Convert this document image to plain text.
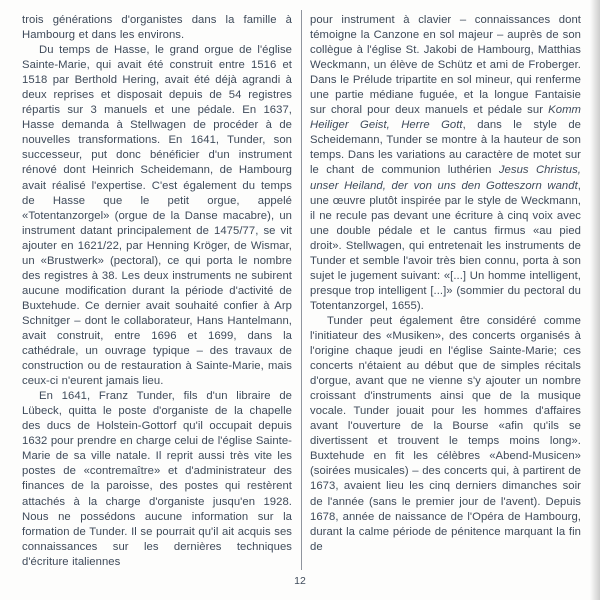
trois générations d'organistes dans la famille à Hambourg et dans les environs.

Du temps de Hasse, le grand orgue de l'église Sainte-Marie, qui avait été construit entre 1516 et 1518 par Berthold Hering, avait été déjà agrandi à deux reprises et disposait depuis de 54 registres répartis sur 3 manuels et une pédale. En 1637, Hasse demanda à Stellwagen de procéder à de nouvelles transformations. En 1641, Tunder, son successeur, put donc bénéficier d'un instrument rénové dont Heinrich Scheidemann, de Hambourg avait réalisé l'expertise. C'est également du temps de Hasse que le petit orgue, appelé «Totentanzorgel» (orgue de la Danse macabre), un instrument datant principalement de 1475/77, se vit ajouter en 1621/22, par Henning Kröger, de Wismar, un «Brustwerk» (pectoral), ce qui porta le nombre des registres à 38. Les deux instruments ne subirent aucune modification durant la période d'activité de Buxtehude. Ce dernier avait souhaité confier à Arp Schnitger – dont le collaborateur, Hans Hantelmann, avait construit, entre 1696 et 1699, dans la cathédrale, un ouvrage typique – des travaux de construction ou de restauration à Sainte-Marie, mais ceux-ci n'eurent jamais lieu.

En 1641, Franz Tunder, fils d'un libraire de Lübeck, quitta le poste d'organiste de la chapelle des ducs de Holstein-Gottorf qu'il occupait depuis 1632 pour prendre en charge celui de l'église Sainte-Marie de sa ville natale. Il reprit aussi très vite les postes de «contremaître» et d'administrateur des finances de la paroisse, des postes qui restèrent attachés à la charge d'organiste jusqu'en 1928. Nous ne possédons aucune information sur la formation de Tunder. Il se pourrait qu'il ait acquis ses connaissances sur les dernières techniques d'écriture italiennes

pour instrument à clavier – connaissances dont témoigne la Canzone en sol majeur – auprès de son collègue à l'église St. Jakobi de Hambourg, Matthias Weckmann, un élève de Schütz et ami de Froberger. Dans le Prélude tripartite en sol mineur, qui renferme une partie médiane fuguée, et la longue Fantaisie sur choral pour deux manuels et pédale sur Komm Heiliger Geist, Herre Gott, dans le style de Scheidemann, Tunder se montre à la hauteur de son temps. Dans les variations au caractère de motet sur le chant de communion luthérien Jesus Christus, unser Heiland, der von uns den Gotteszorn wandt, une œuvre plutôt inspirée par le style de Weckmann, il ne recule pas devant une écriture à cinq voix avec une double pédale et le cantus firmus «au pied droit». Stellwagen, qui entretenait les instruments de Tunder et semble l'avoir très bien connu, porta à son sujet le jugement suivant: «[...] Un homme intelligent, presque trop intelligent [...]» (sommier du pectoral du Totentanzorgel, 1655).

Tunder peut également être considéré comme l'initiateur des «Musiken», des concerts organisés à l'origine chaque jeudi en l'église Sainte-Marie; ces concerts n'étaient au début que de simples récitals d'orgue, avant que ne vienne s'y ajouter un nombre croissant d'instruments ainsi que de la musique vocale. Tunder jouait pour les hommes d'affaires avant l'ouverture de la Bourse «afin qu'ils se divertissent et trouvent le temps moins long». Buxtehude en fit les célèbres «Abend-Musicen» (soirées musicales) – des concerts qui, à partirent de 1673, avaient lieu les cinq derniers dimanches soir de l'année (sans le premier jour de l'avent). Depuis 1678, année de naissance de l'Opéra de Hambourg, durant la calme période de pénitence marquant la fin de

12
